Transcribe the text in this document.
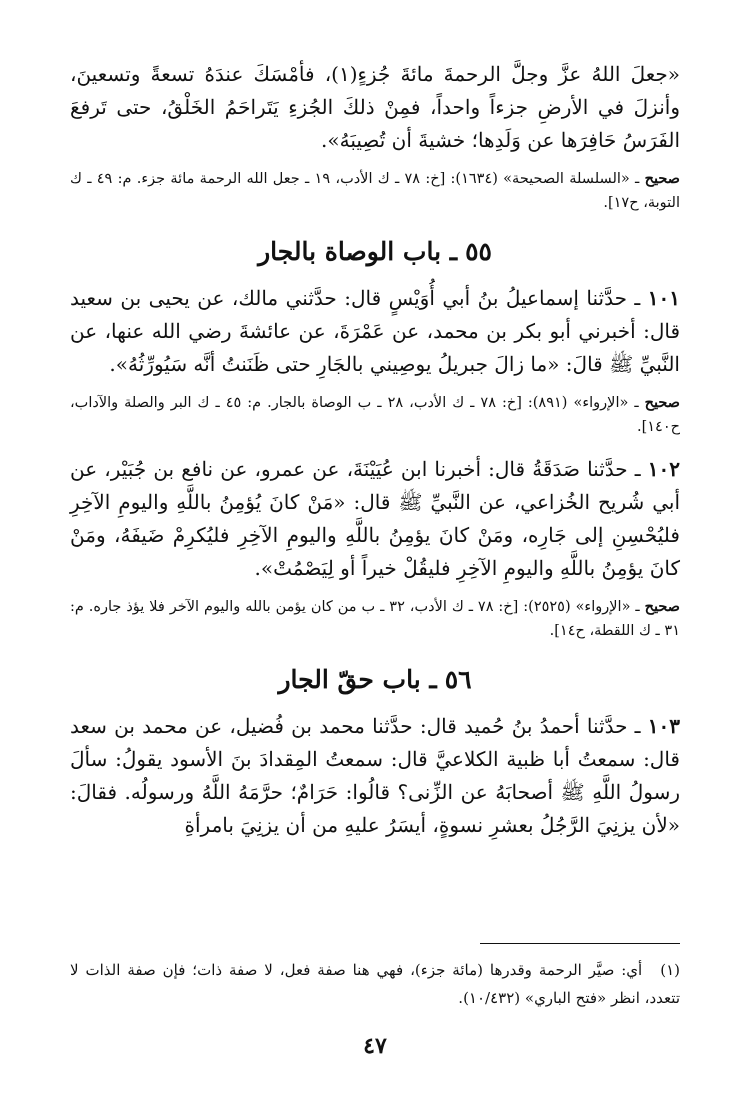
«جعلَ اللهُ عزَّ وجلَّ الرحمةَ مائةَ جُزءٍ(١)، فأمْسَكَ عندَهُ تسعةً وتسعينَ، وأنزلَ في الأرضِ جزءاً واحداً، فمِنْ ذلكَ الجُزءِ يَتَراحَمُ الخَلْقُ، حتى تَرفعَ الفَرَسُ حَافِرَها عن وَلَدِها؛ خشيةَ أن تُصِيبَهُ».

صحيح ـ «السلسلة الصحيحة» (١٦٣٤): [خ: ٧٨ ـ ك الأدب، ١٩ ـ جعل الله الرحمة مائة جزء. م: ٤٩ ـ ك التوبة، ح١٧].

٥٥ـ باب الوصاة بالجار

١٠١ ـ حدَّثنا إسماعيلُ بنُ أبي أُوَيْسٍ قال: حدَّثني مالك، عن يحيى بن سعيد قال: أخبرني أبو بكر بن محمد، عن عَمْرَةَ، عن عائشةَ رضي الله عنها، عن النَّبيِّ ﷺ قالَ: «ما زالَ جبريلُ يوصِيني بالجَارِ حتى ظَنَنتُ أنَّه سَيُورِّثُهُ».

صحيح ـ «الإرواء» (٨٩١): [خ: ٧٨ ـ ك الأدب، ٢٨ ـ ب الوصاة بالجار. م: ٤٥ ـ ك البر والصلة والآداب، ح١٤٠].

١٠٢ ـ حدَّثنا صَدَقَةُ قال: أخبرنا ابن عُيَيْنَةَ، عن عمرو، عن نافع بن جُبَيْر، عن أبي شُريح الخُزاعي، عن النَّبيِّ ﷺ قال: «مَنْ كانَ يُؤمِنُ باللَّهِ واليومِ الآخِرِ فليُحْسِنِ إلى جَارِه، ومَنْ كانَ يؤمِنُ باللَّهِ واليومِ الآخِرِ فليُكرِمْ ضَيفَهُ، ومَنْ كانَ يؤمِنُ باللَّهِ واليومِ الآخِرِ فليقُلْ خيراً أو لِيَصْمُتْ».

صحيح ـ «الإرواء» (٢٥٢٥): [خ: ٧٨ ـ ك الأدب، ٣٢ ـ ب من كان يؤمن بالله واليوم الآخر فلا يؤذ جاره. م: ٣١ ـ ك اللقطة، ح١٤].

٥٦ـ باب حقّ الجار

١٠٣ ـ حدَّثنا أحمدُ بنُ حُميد قال: حدَّثنا محمد بن فُضيل، عن محمد بن سعد قال: سمعتُ أبا ظبية الكلاعيَّ قال: سمعتُ المِقدادَ بنَ الأسود يقولُ: سألَ رسولُ اللَّهِ ﷺ أصحابَهُ عن الزِّنى؟ قالُوا: حَرَامٌ؛ حرَّمَهُ اللَّهُ ورسولُه. فقالَ: «لأن يزنِيَ الرَّجُلُ بعشرِ نسوةٍ، أيسَرُ عليهِ من أن يزنِيَ بامرأةِ

(١)أي: صيَّر الرحمة وقدرها (مائة جزء)، فهي هنا صفة فعل، لا صفة ذات؛ فإن صفة الذات لا تتعدد، انظر «فتح الباري» (١٠/٤٣٢).

٤٧
